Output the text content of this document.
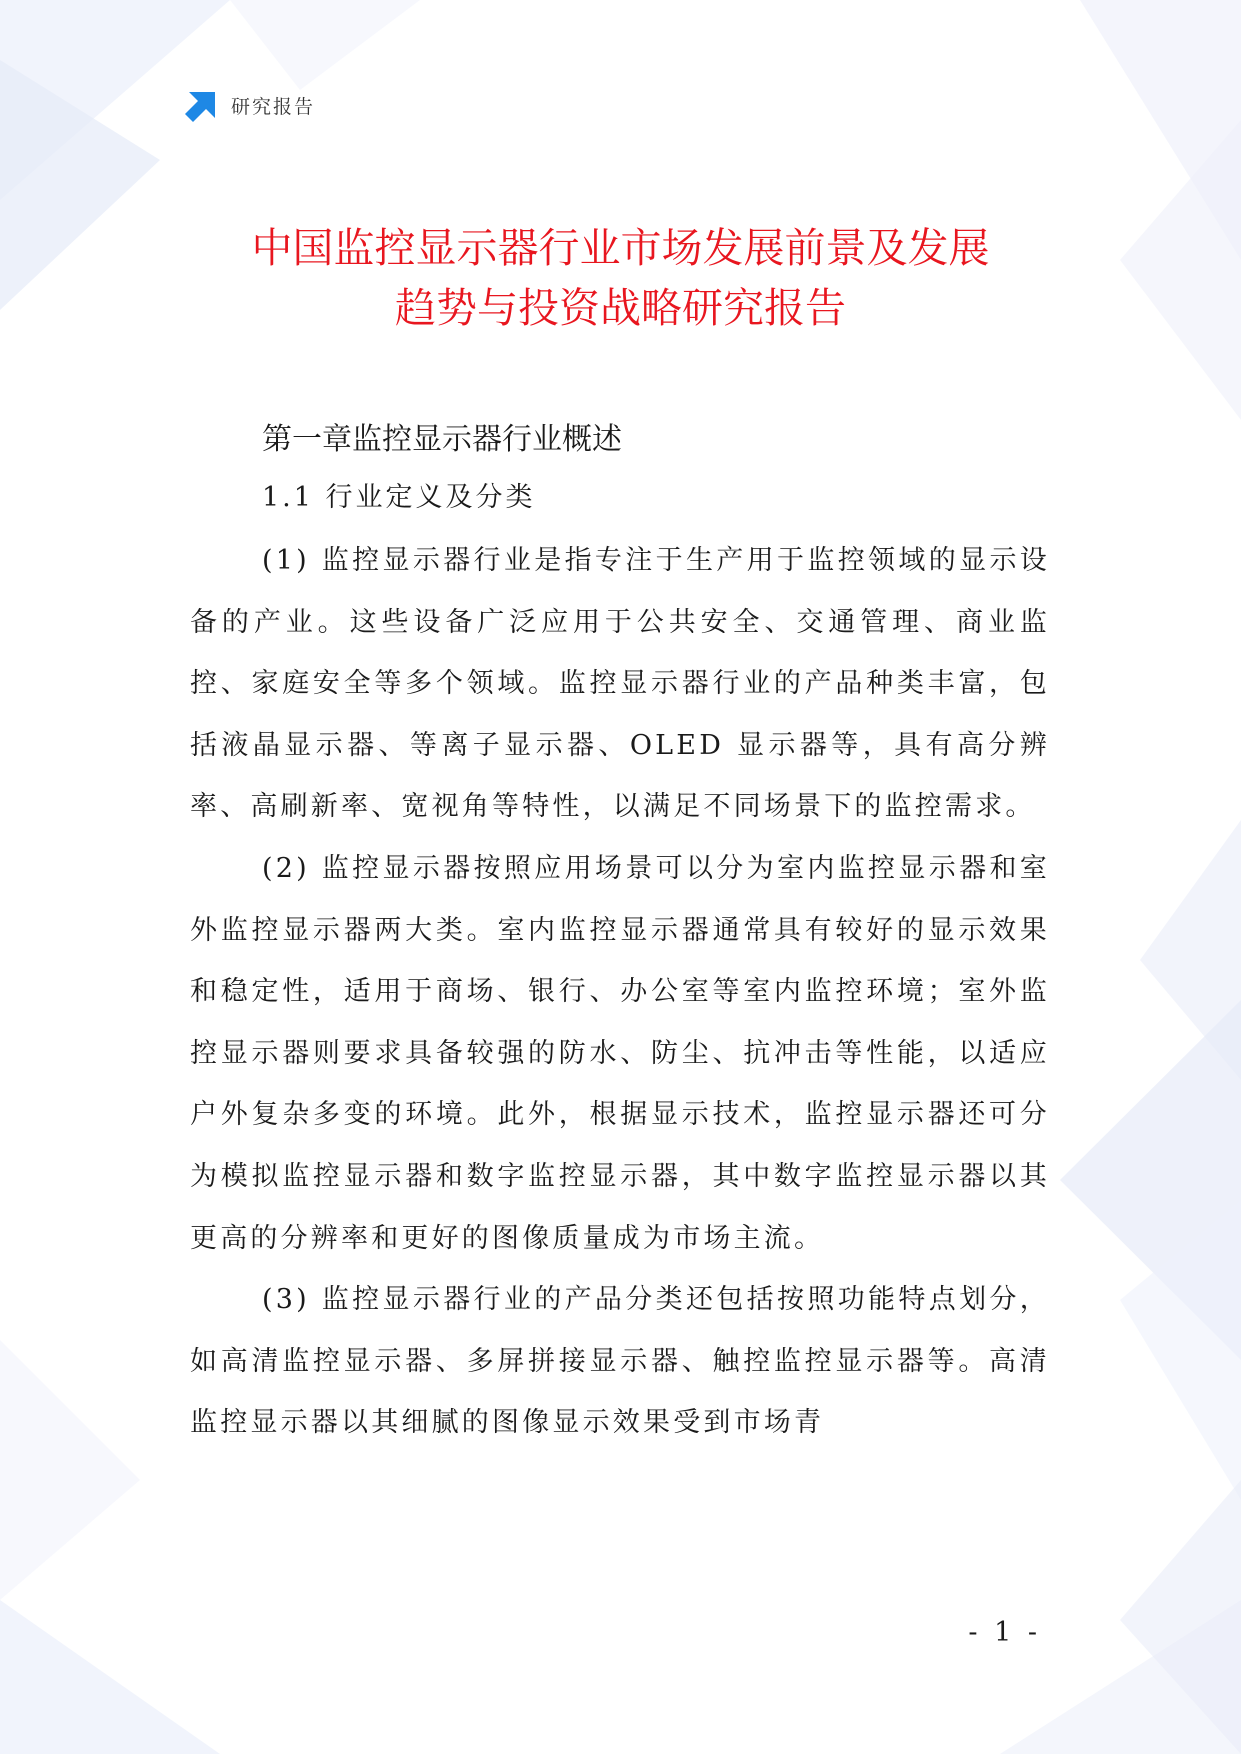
研究报告
中国监控显示器行业市场发展前景及发展
趋势与投资战略研究报告
第一章监控显示器行业概述
1.1 行业定义及分类

(1) 监控显示器行业是指专注于生产用于监控领域的显示设备的产业。这些设备广泛应用于公共安全、交通管理、商业监控、家庭安全等多个领域。监控显示器行业的产品种类丰富，包括液晶显示器、等离子显示器、OLED 显示器等，具有高分辨率、高刷新率、宽视角等特性，以满足不同场景下的监控需求。

(2) 监控显示器按照应用场景可以分为室内监控显示器和室外监控显示器两大类。室内监控显示器通常具有较好的显示效果和稳定性，适用于商场、银行、办公室等室内监控环境；室外监控显示器则要求具备较强的防水、防尘、抗冲击等性能，以适应户外复杂多变的环境。此外，根据显示技术，监控显示器还可分为模拟监控显示器和数字监控显示器，其中数字监控显示器以其更高的分辨率和更好的图像质量成为市场主流。

(3) 监控显示器行业的产品分类还包括按照功能特点划分，如高清监控显示器、多屏拼接显示器、触控监控显示器等。高清监控显示器以其细腻的图像显示效果受到市场青

- 1 -
